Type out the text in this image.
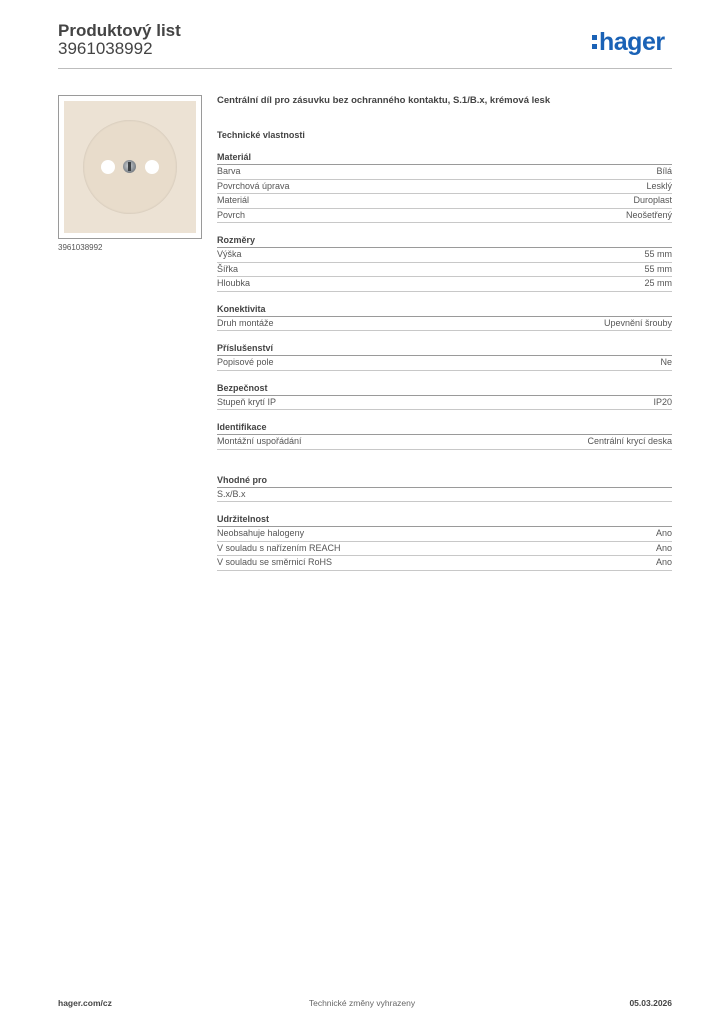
Produktový list
3961038992	hager
3961038992
Centrální díl pro zásuvku bez ochranného kontaktu, S.1/B.x, krémová lesk
Technické vlastnosti
Materiál
Barva	Bílá
Povrchová úprava	Lesklý
Materiál	Duroplast
Povrch	Neošetřený
Rozměry
Výška	55 mm
Šířka	55 mm
Hloubka	25 mm
Konektivita
Druh montáže	Upevnění šrouby
Příslušenství
Popisové pole	Ne
Bezpečnost
Stupeň krytí IP	IP20
Identifikace
Montážní uspořádání	Centrální krycí deska
Vhodné pro
S.x/B.x
Udržitelnost
Neobsahuje halogeny	Ano
V souladu s nařízením REACH	Ano
V souladu se směrnicí RoHS	Ano
hager.com/cz	Technické změny vyhrazeny	05.03.2026
